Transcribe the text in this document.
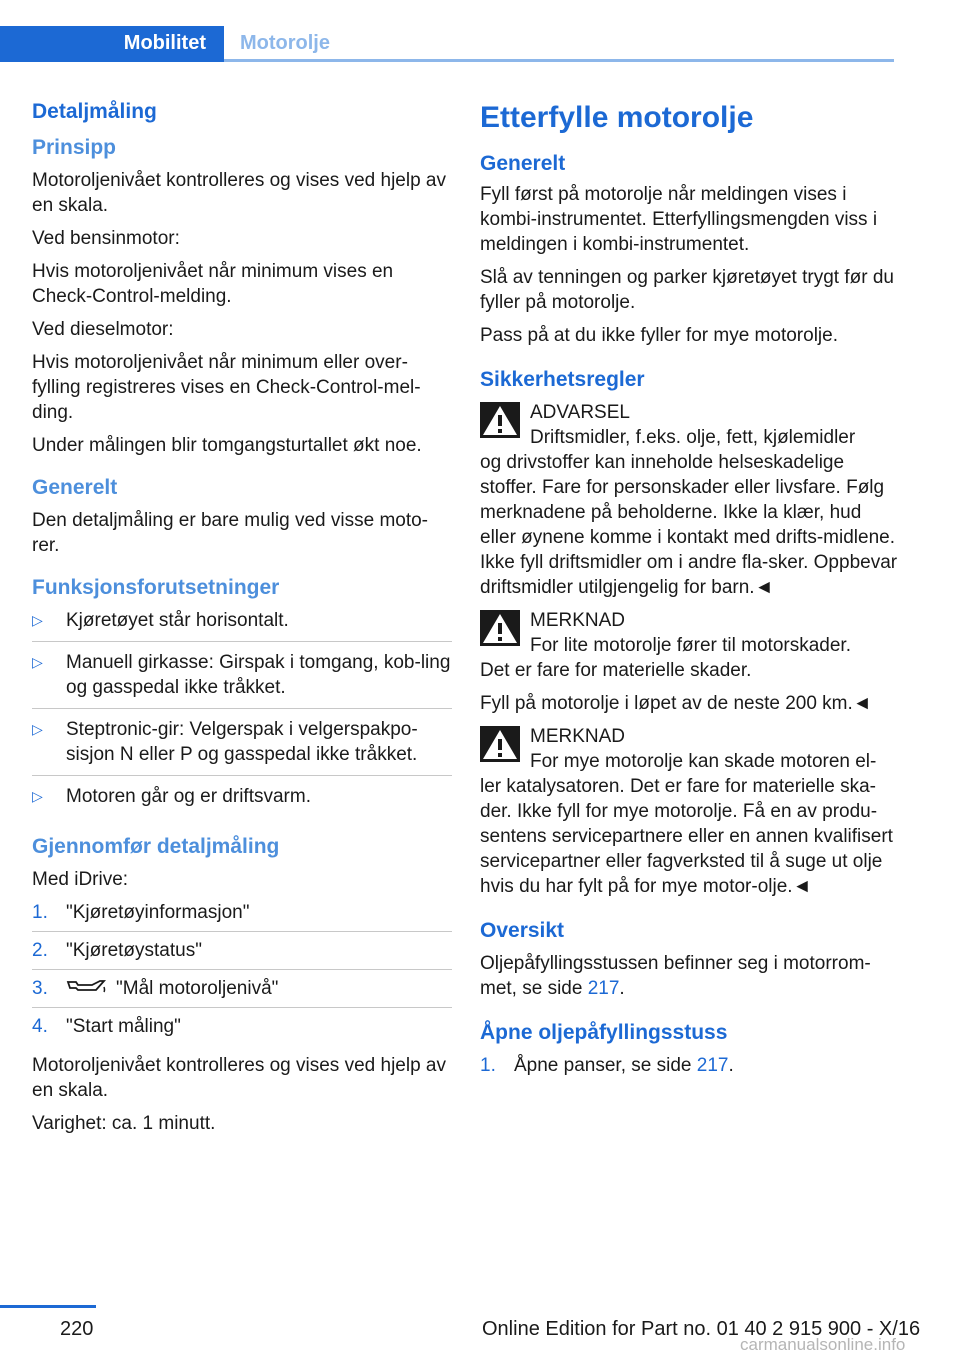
Mobilitet Motorolje
Detaljmåling
Prinsipp

Motoroljenivået kontrolleres og vises ved hjelp av en skala.

Ved bensinmotor:

Hvis motoroljenivået når minimum vises en Check-Control-melding.

Ved dieselmotor:

Hvis motoroljenivået når minimum eller over-fylling registreres vises en Check-Control-mel-ding.

Under målingen blir tomgangsturtallet økt noe.

Generelt

Den detaljmåling er bare mulig ved visse moto-rer.

Funksjonsforutsetninger
▷ Kjøretøyet står horisontalt.
▷ Manuell girkasse: Girspak i tomgang, kob-ling og gasspedal ikke tråkket.
▷ Steptronic-gir: Velgerspak i velgerspakpo-sisjon N eller P og gasspedal ikke tråkket.
▷ Motoren går og er driftsvarm.
Gjennomfør detaljmåling

Med iDrive:

1. "Kjøretøyinformasjon"
2. "Kjøretøystatus"
3.	"Mål motoroljenivå"
4. "Start måling"

Motoroljenivået kontrolleres og vises ved hjelp av en skala.

Varighet: ca. 1 minutt.

Etterfylle motorolje
Generelt

Fyll først på motorolje når meldingen vises i kombi-instrumentet. Etterfyllingsmengden viss i meldingen i kombi-instrumentet.

Slå av tenningen og parker kjøretøyet trygt før du fyller på motorolje.

Pass på at du ikke fyller for mye motorolje.

Sikkerhetsregler
ADVARSEL
Driftsmidler, f.eks. olje, fett, kjølemidler
og drivstoffer kan inneholde helseskadelige stoffer. Fare for personskader eller livsfare. Følg merknadene på beholderne. Ikke la klær, hud eller øynene komme i kontakt med drifts-midlene. Ikke fyll driftsmidler om i andre fla-sker. Oppbevar driftsmidler utilgjengelig for barn.◄
MERKNAD
For lite motorolje fører til motorskader.
Det er fare for materielle skader.

Fyll på motorolje i løpet av de neste 200 km.◄

MERKNAD
For mye motorolje kan skade motoren el-
ler katalysatoren. Det er fare for materielle ska-der. Ikke fyll for mye motorolje. Få en av produ-sentens servicepartnere eller en annen kvalifisert servicepartner eller fagverksted til å suge ut olje hvis du har fylt på for mye motor-olje.◄
Oversikt

Oljepåfyllingsstussen befinner seg i motorrom-met, se side 217.

Åpne oljepåfyllingsstuss
1. Åpne panser, se side 217.
220	Online Edition for Part no. 01 40 2 915 900 - X/16
carmanualsonline.info
